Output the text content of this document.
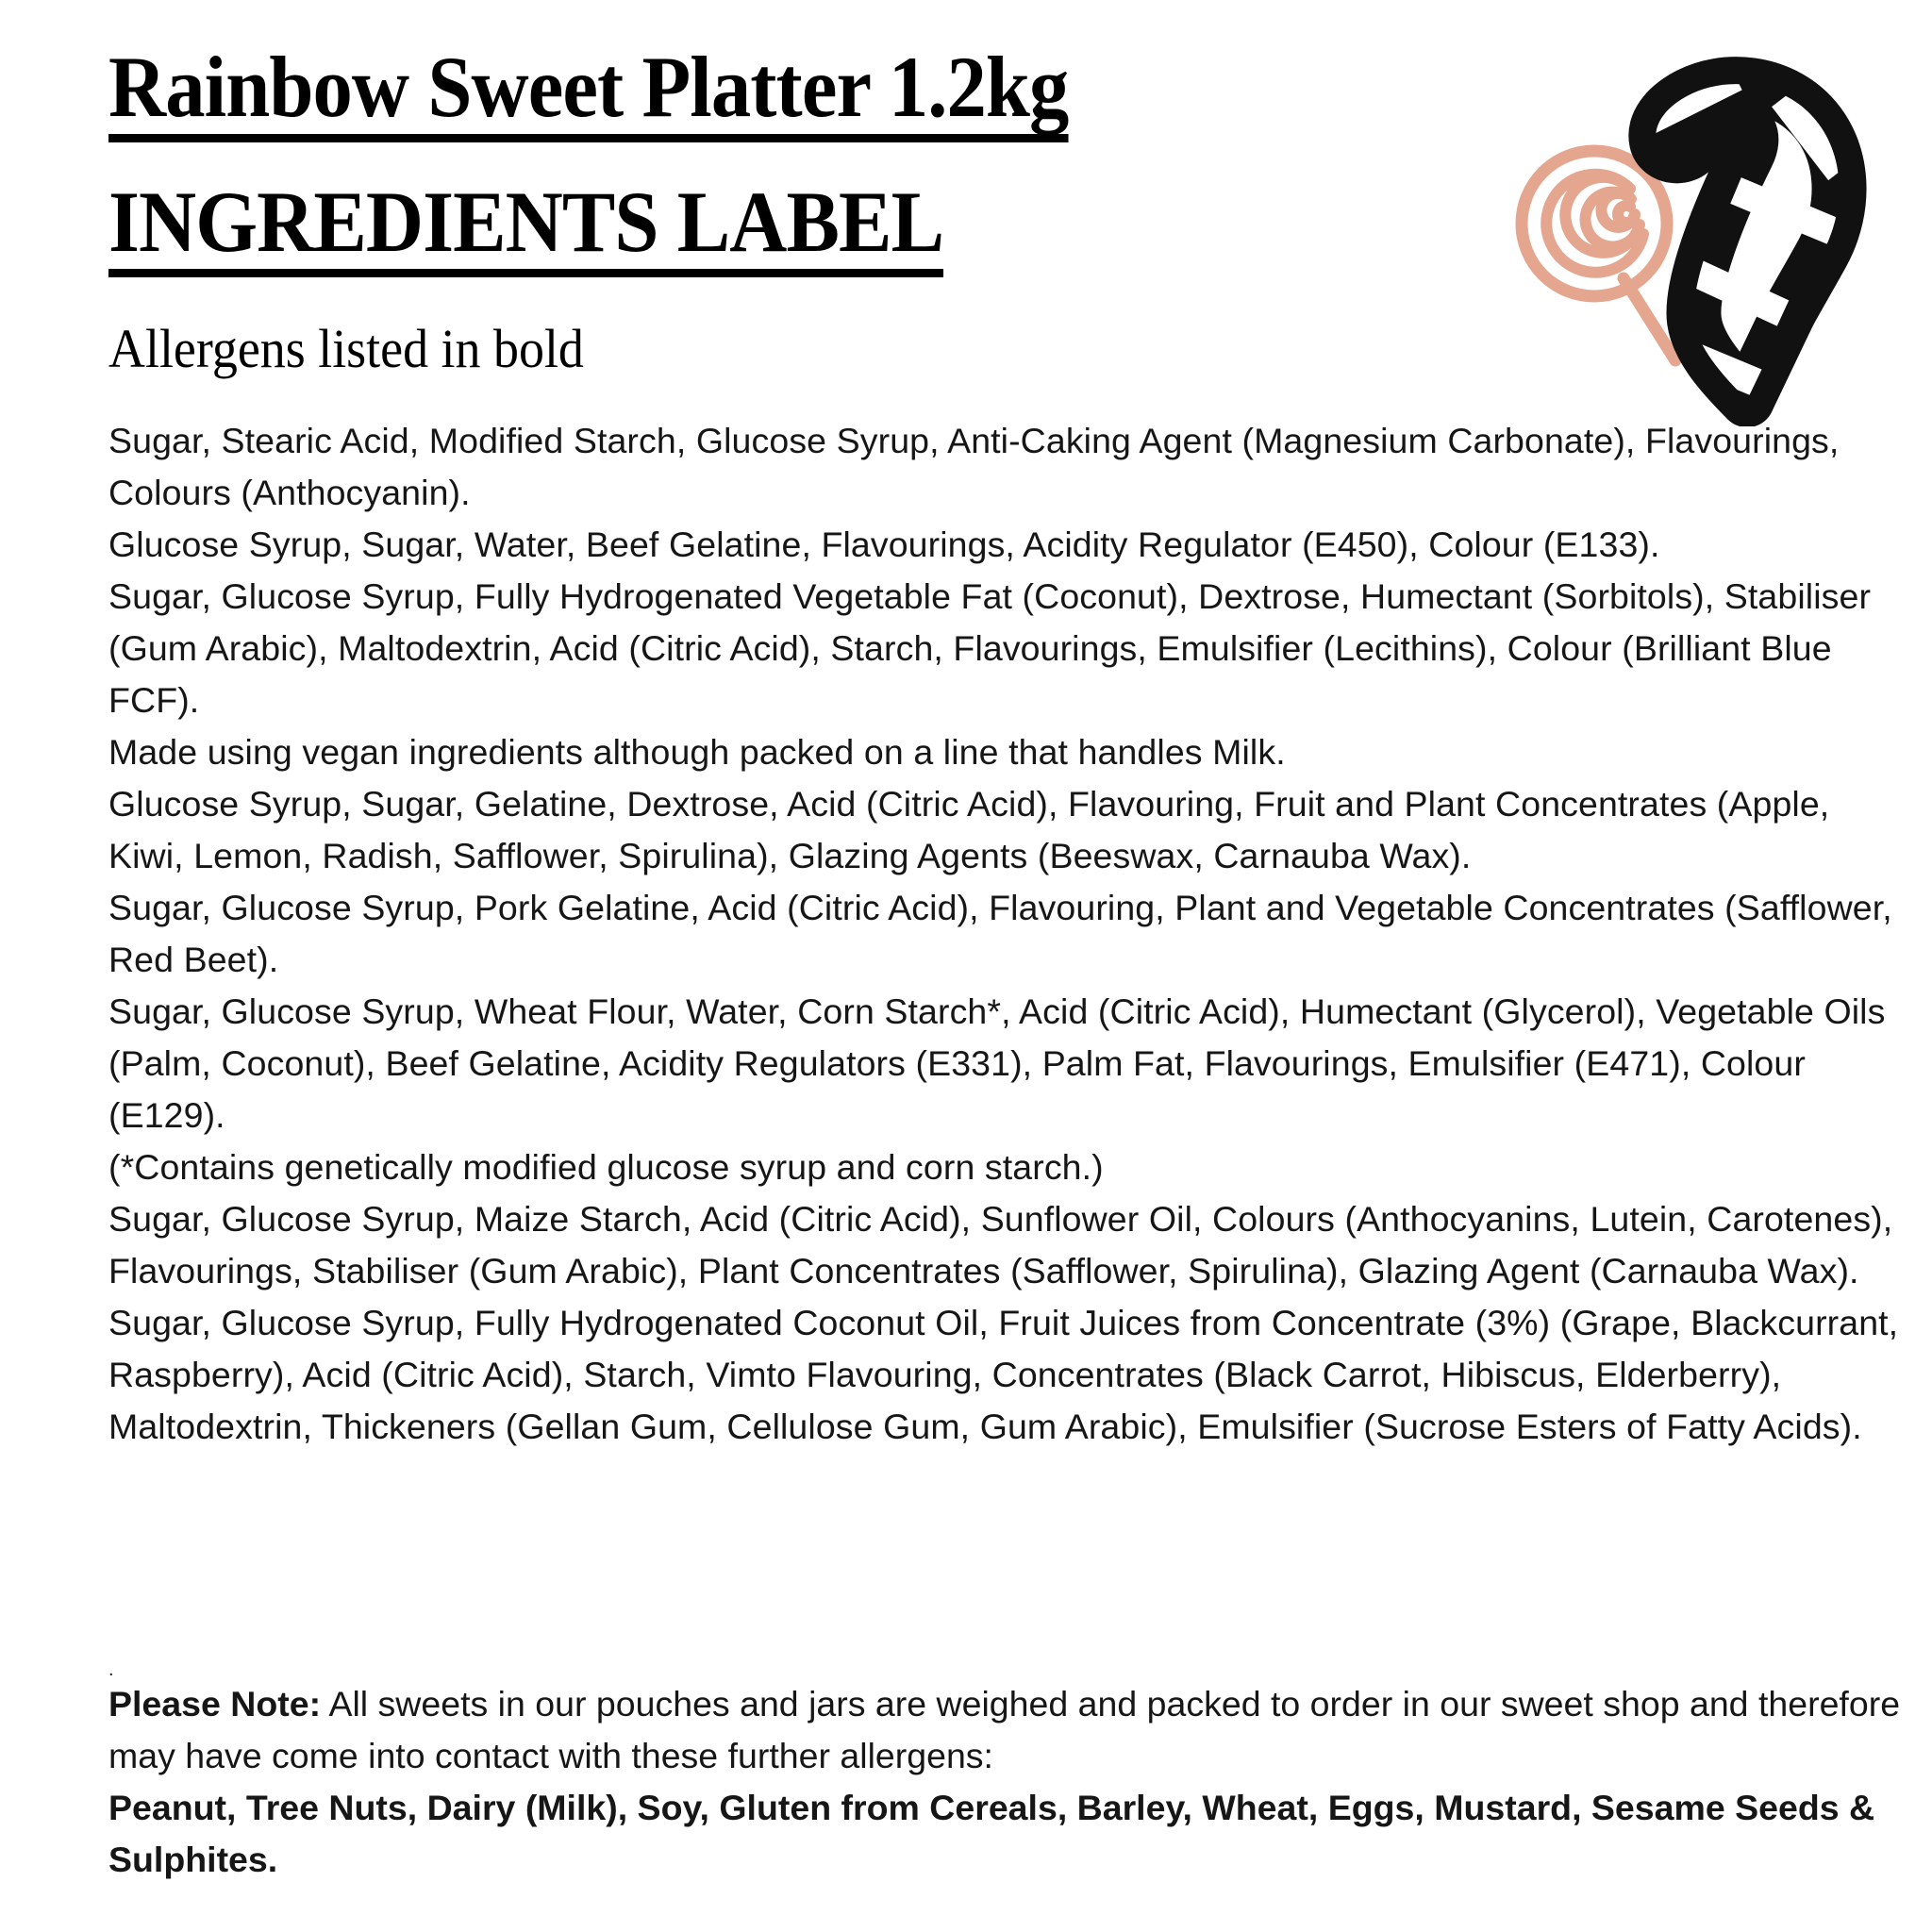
Rainbow Sweet Platter 1.2kg INGREDIENTS LABEL Allergens listed in bold

Sugar, Stearic Acid, Modified Starch, Glucose Syrup, Anti-Caking Agent (Magnesium Carbonate), Flavourings, Colours (Anthocyanin).

Glucose Syrup, Sugar, Water, Beef Gelatine, Flavourings, Acidity Regulator (E450), Colour (E133).

Sugar, Glucose Syrup, Fully Hydrogenated Vegetable Fat (Coconut), Dextrose, Humectant (Sorbitols), Stabiliser (Gum Arabic), Maltodextrin, Acid (Citric Acid), Starch, Flavourings, Emulsifier (Lecithins), Colour (Brilliant Blue FCF).

Made using vegan ingredients although packed on a line that handles Milk.

Glucose Syrup, Sugar, Gelatine, Dextrose, Acid (Citric Acid), Flavouring, Fruit and Plant Concentrates (Apple, Kiwi, Lemon, Radish, Safflower, Spirulina), Glazing Agents (Beeswax, Carnauba Wax).

Sugar, Glucose Syrup, Pork Gelatine, Acid (Citric Acid), Flavouring, Plant and Vegetable Concentrates (Safflower, Red Beet).

Sugar, Glucose Syrup, Wheat Flour, Water, Corn Starch*, Acid (Citric Acid), Humectant (Glycerol), Vegetable Oils (Palm, Coconut), Beef Gelatine, Acidity Regulators (E331), Palm Fat, Flavourings, Emulsifier (E471), Colour (E129).

(*Contains genetically modified glucose syrup and corn starch.)

Sugar, Glucose Syrup, Maize Starch, Acid (Citric Acid), Sunflower Oil, Colours (Anthocyanins, Lutein, Carotenes), Flavourings, Stabiliser (Gum Arabic), Plant Concentrates (Safflower, Spirulina), Glazing Agent (Carnauba Wax).

Sugar, Glucose Syrup, Fully Hydrogenated Coconut Oil, Fruit Juices from Concentrate (3%) (Grape, Blackcurrant, Raspberry), Acid (Citric Acid), Starch, Vimto Flavouring, Concentrates (Black Carrot, Hibiscus, Elderberry), Maltodextrin, Thickeners (Gellan Gum, Cellulose Gum, Gum Arabic), Emulsifier (Sucrose Esters of Fatty Acids).

.

Please Note: All sweets in our pouches and jars are weighed and packed to order in our sweet shop and therefore may have come into contact with these further allergens:

Peanut, Tree Nuts, Dairy (Milk), Soy, Gluten from Cereals, Barley, Wheat, Eggs, Mustard, Sesame Seeds & Sulphites.
